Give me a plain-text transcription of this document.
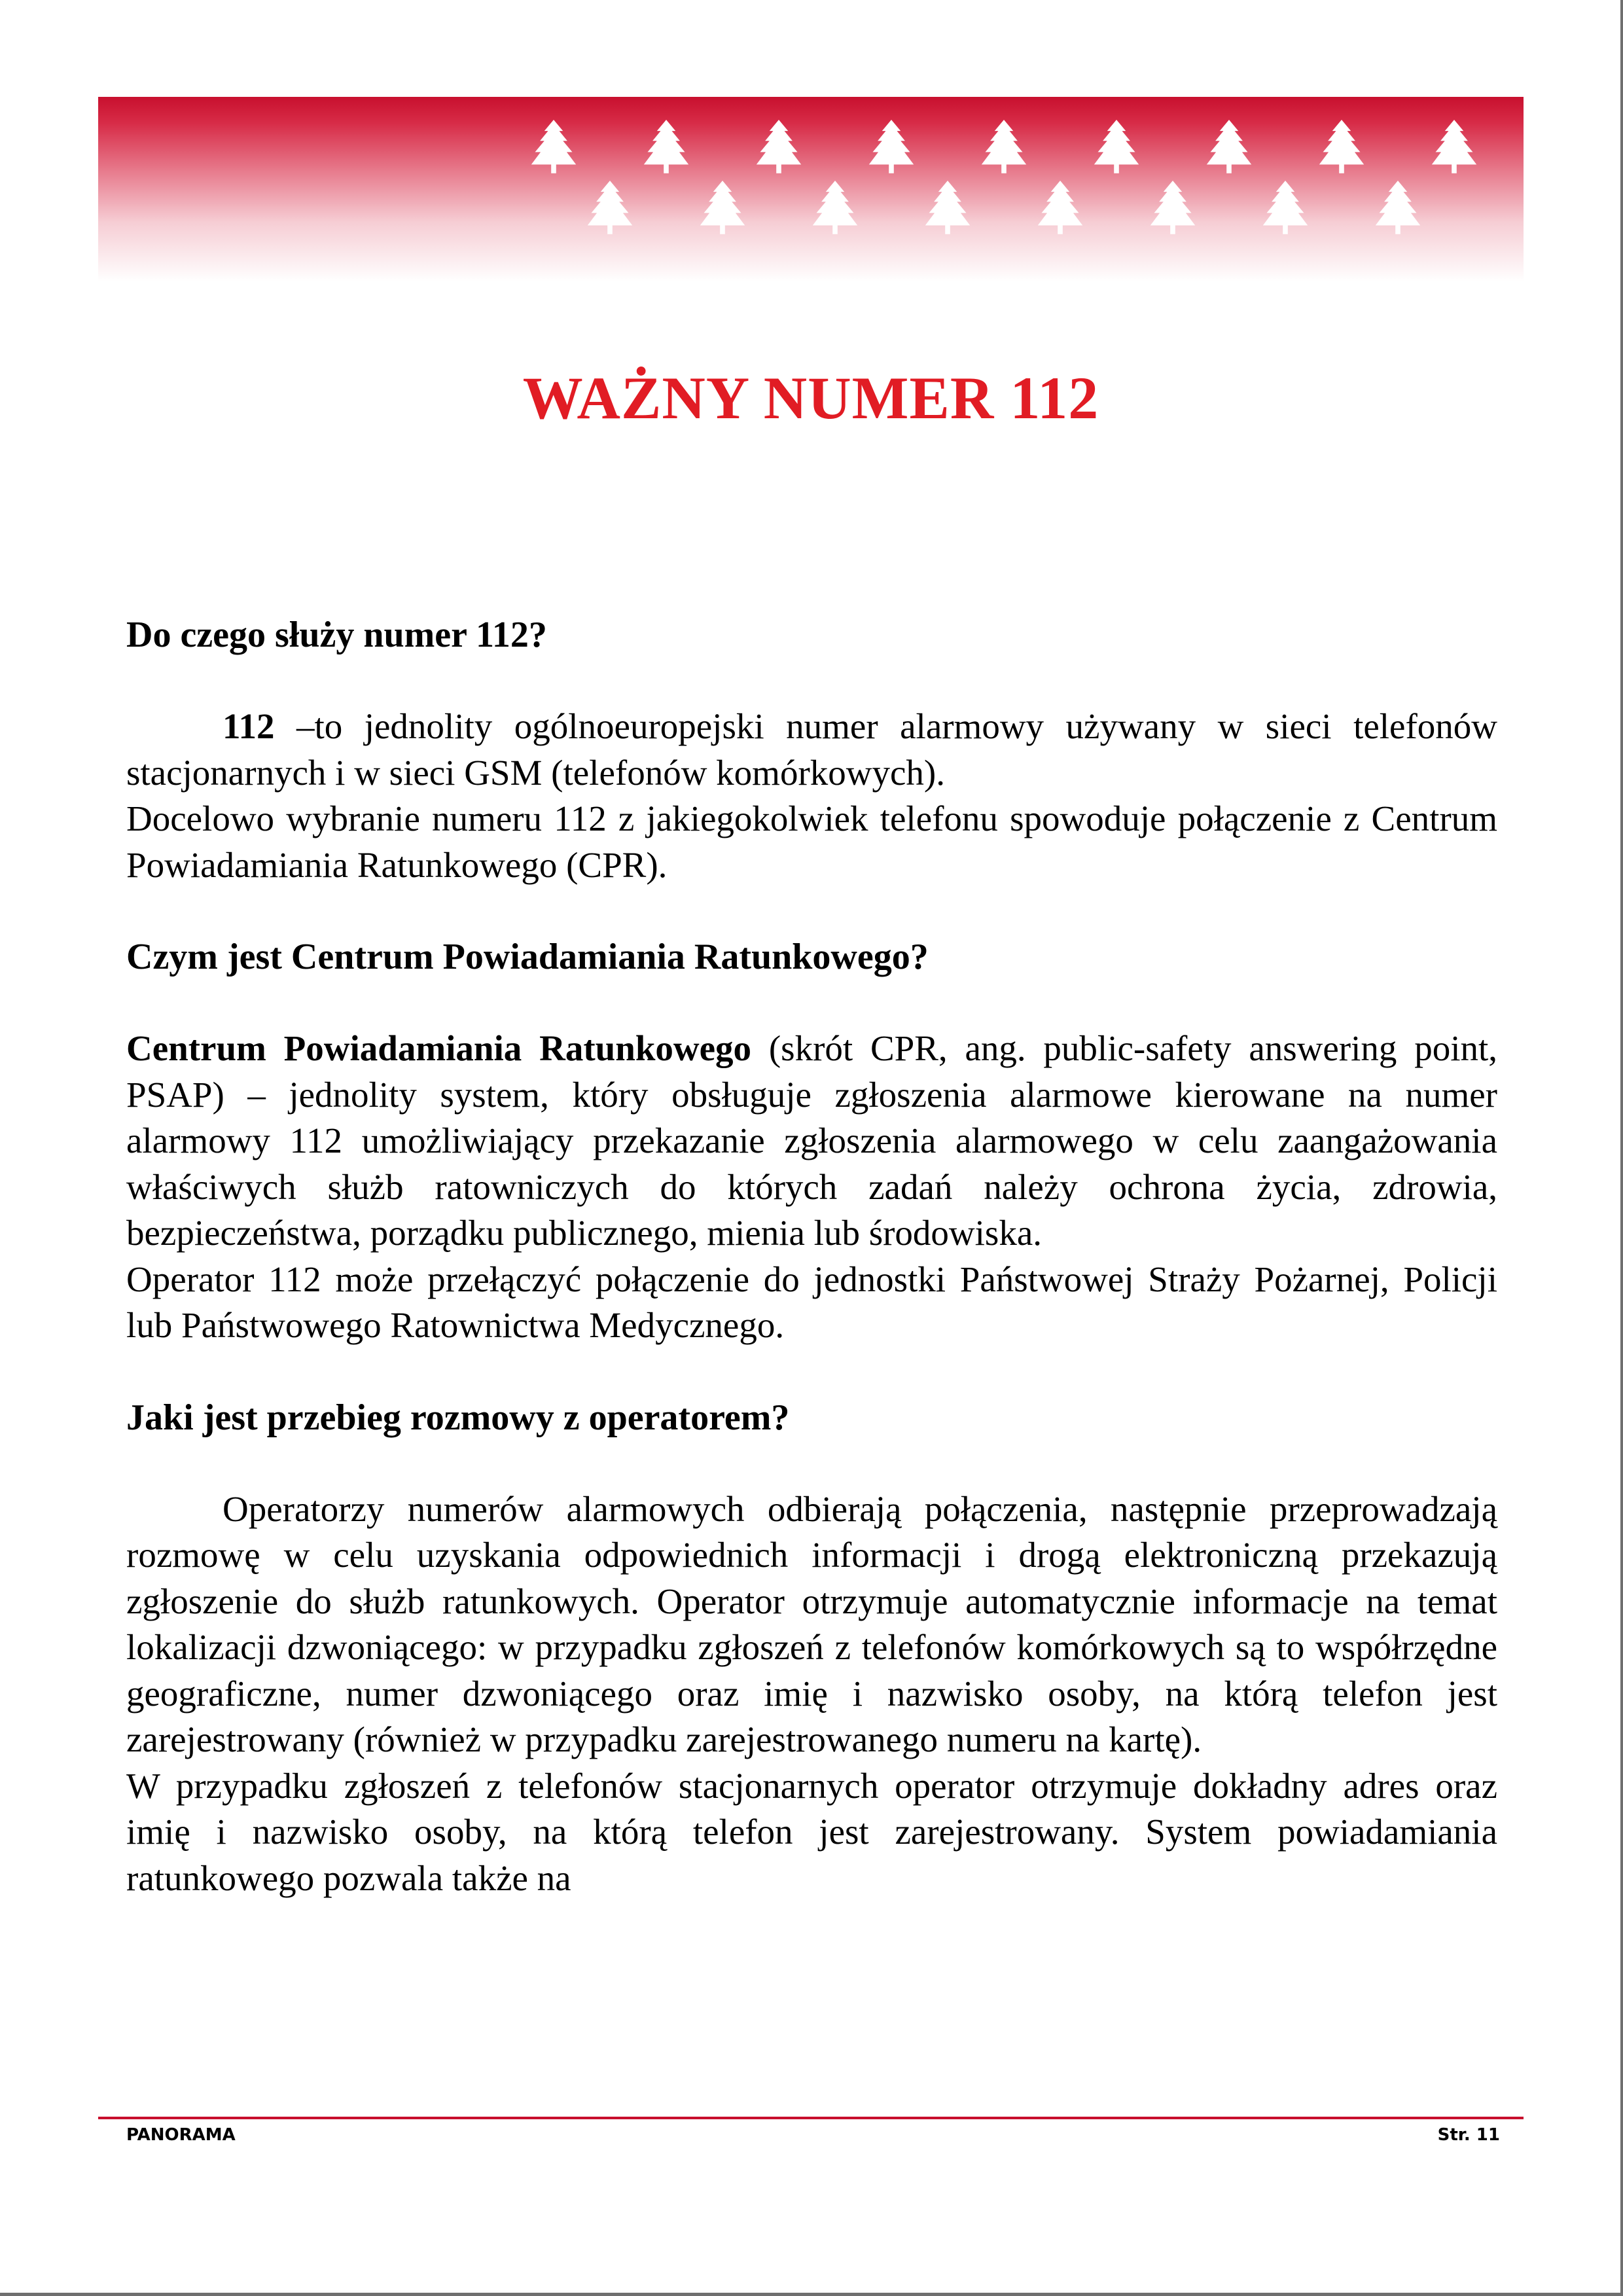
WAŻNY NUMER 112
Do czego służy numer 112?

112 –to jednolity ogólnoeuropejski numer alarmowy używany w sieci telefonów stacjonarnych i w sieci GSM (telefonów komórkowych).

Docelowo wybranie numeru 112 z jakiegokolwiek telefonu spowoduje połączenie z Centrum Powiadamiania Ratunkowego (CPR).

Czym jest Centrum Powiadamiania Ratunkowego?

Centrum Powiadamiania Ratunkowego (skrót CPR, ang. public-safety answering point, PSAP) – jednolity system, który obsługuje zgłoszenia alarmowe kierowane na numer alarmowy 112 umożliwiający przekazanie zgłoszenia alarmowego w celu zaangażowania właściwych służb ratowniczych do których zadań należy ochrona życia, zdrowia, bezpieczeństwa, porządku publicznego, mienia lub środowiska.

Operator 112 może przełączyć połączenie do jednostki Państwowej Straży Pożarnej, Policji lub Państwowego Ratownictwa Medycznego.

Jaki jest przebieg rozmowy z operatorem?

Operatorzy numerów alarmowych odbierają połączenia, następnie przeprowadzają rozmowę w celu uzyskania odpowiednich informacji i drogą elektroniczną przekazują zgłoszenie do służb ratunkowych. Operator otrzymuje automatycznie informacje na temat lokalizacji dzwoniącego: w przypadku zgłoszeń z telefonów komórkowych są to współrzędne geograficzne, numer dzwoniącego oraz imię i nazwisko osoby, na którą telefon jest zarejestrowany (również w przypadku zarejestrowanego numeru na kartę).

W przypadku zgłoszeń z telefonów stacjonarnych operator otrzymuje dokładny adres oraz imię i nazwisko osoby, na którą telefon jest zarejestrowany. System powiadamiania ratunkowego pozwala także na

PANORAMA	Str. 11
